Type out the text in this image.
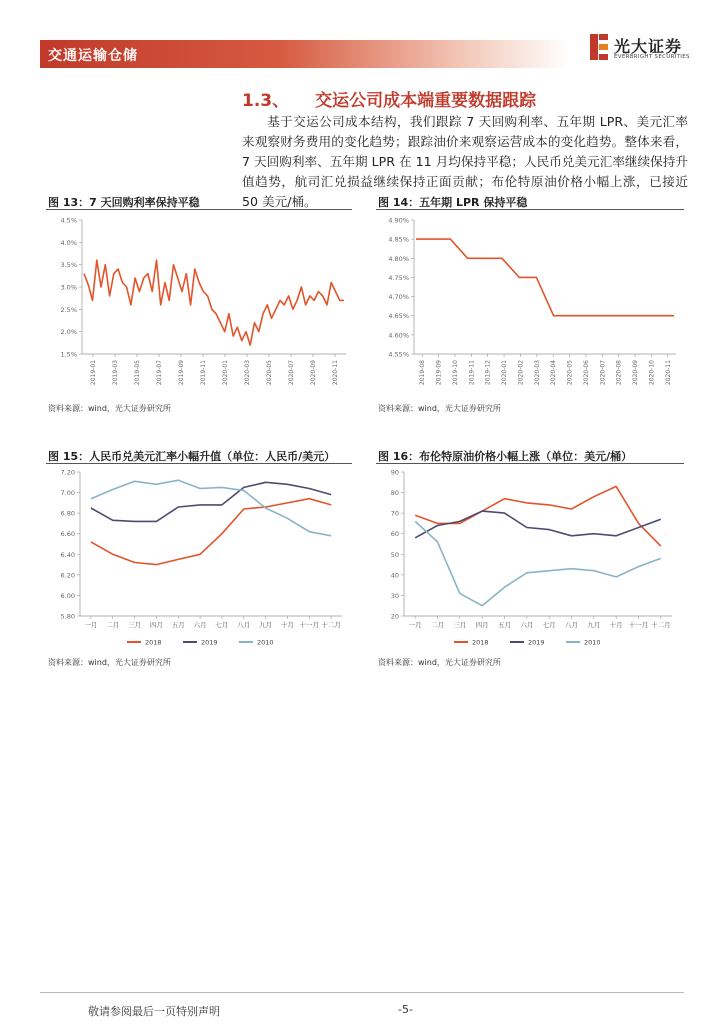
交通运输仓储	光大证券
EVERBRIGHT SECURITIES
1.3、 交运公司成本端重要数据跟踪

基于交运公司成本结构，我们跟踪 7 天回购利率、五年期 LPR、美元汇率来观察财务费用的变化趋势；跟踪油价来观察运营成本的变化趋势。整体来看，7 天回购利率、五年期 LPR 在 11 月均保持平稳；人民币兑美元汇率继续保持升值趋势，航司汇兑损益继续保持正面贡献；布伦特原油价格小幅上涨，已接近 50 美元/桶。

图 13：7 天回购利率保持平稳
4.5%
4.0%
3.5%
3.0%
2.5%
2.0%
1.5%
2019-01	2019-03	2019-05	2019-07	2019-09	2019-11	2020-01	2020-03	2020-05	2020-07	2020-09	2020-11
资料来源：wind，光大证券研究所
图 14：五年期 LPR 保持平稳
4.90%
4.85%
4.80%
4.75%
4.70%
4.65%
4.60%
4.55%
2019-08 2019-09 2019-10 2019-11 2019-12 2020-01 2020-02 2020-03 2020-04 2020-05 2020-06 2020-07 2020-08 2020-09 2020-10 2020-11
资料来源：wind，光大证券研究所
图 15：人民币兑美元汇率小幅升值（单位：人民币/美元）
7.20
7.00
6.80
6.60
6.40
6.20
6.00
5.80
一月 二月 三月 四月 五月 六月 七月 八月 九月 十月 十一月 十二月
2018	2019	2010
资料来源：wind，光大证券研究所
图 16：布伦特原油价格小幅上涨（单位：美元/桶）
90
80
70
60
50
40
30
20
一月 二月 三月 四月 五月 六月 七月 八月 九月 十月 十一月 十二月
2018	2019	2010
资料来源：wind，光大证券研究所
敬请参阅最后一页特别声明	-5-
